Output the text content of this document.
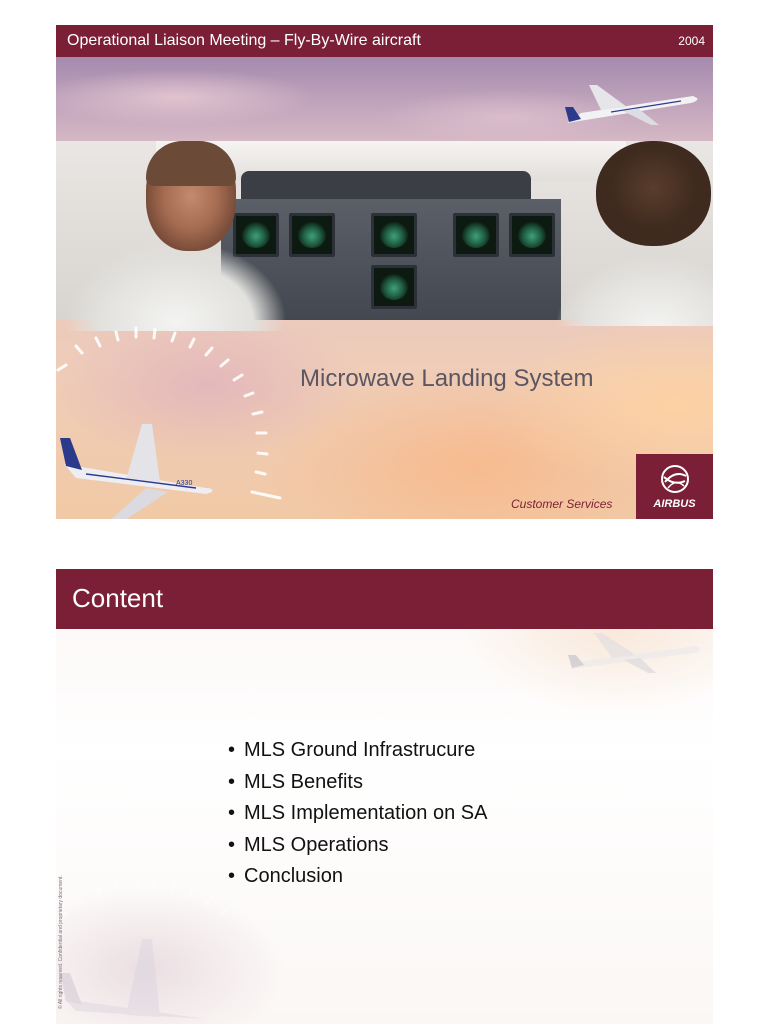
Operational Liaison Meeting – Fly-By-Wire aircraft	2004
A330
Microwave Landing System
Customer Services	AIRBUS
Content
• MLS Ground Infrastrucure
• MLS Benefits
• MLS Implementation on SA
• MLS Operations
• Conclusion
© All rights reserved. Confidential and proprietary document.
